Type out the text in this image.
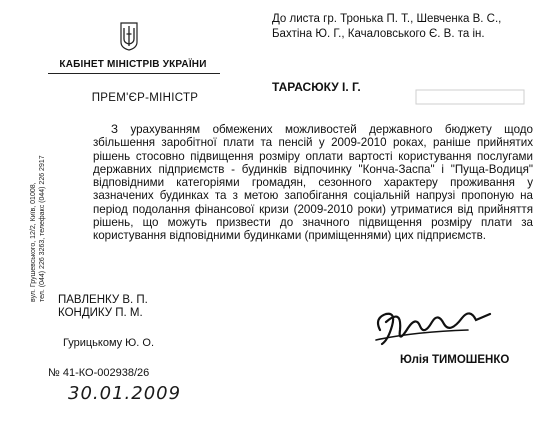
До листа гр. Тронька П. Т., Шевченка В. С.,
Бахтіна Ю. Г., Качаловського Є. В. та ін.
КАБІНЕТ МІНІСТРІВ УКРАЇНИ
ПРЕМ'ЄР-МІНІСТР
ТАРАСЮКУ І. Г.
З урахуванням обмежених можливостей державного бюджету щодо збільшення заробітної плати та пенсій у 2009-2010 роках, раніше прийнятих рішень стосовно підвищення розміру оплати вартості користування послугами державних підприємств - будинків відпочинку "Конча-Заспа" і "Пуща-Водиця" відповідними категоріями громадян, сезонного характеру проживання у зазначених будинках та з метою запобігання соціальній напрузі пропоную на період подолання фінансової кризи (2009-2010 роки) утриматися від прийняття рішень, що можуть призвести до значного підвищення розміру плати за користування відповідними будинками (приміщеннями) цих підприємств.
вул. Грушевського, 12/2, Київ, 01008, тел. (044) 226 3263, телефакс (044) 226 2917 ПАВЛЕНКУ В. П.
КОНДИКУ П. М.
Гурицькому Ю. О.
№ 41-КО-002938/26
30.01.2009
Юлія ТИМОШЕНКО
